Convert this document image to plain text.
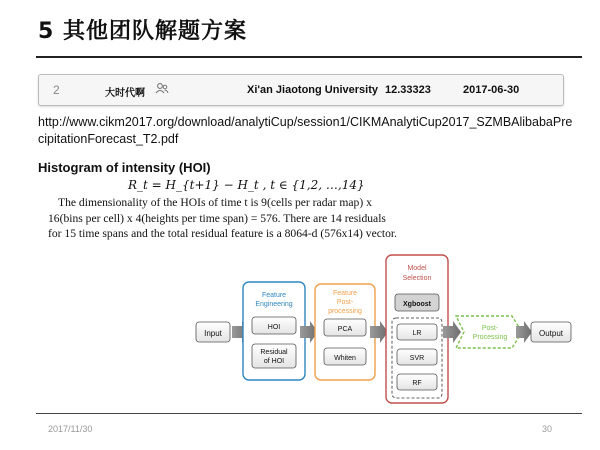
5 其他团队解题方案
2	大时代啊	Xi'an Jiaotong University 12.33323	2017-06-30
http://www.cikm2017.org/download/analytiCup/session1/CIKMAnalytiCup2017_SZMBAlibabaPrecipitationForecast_T2.pdf
Histogram of intensity (HOI)
R_t = H_{t+1} − H_t , t ∈ {1,2, …,14}
The dimensionality of the HOIs of time t is 9(cells per radar map) x 16(bins per cell) x 4(heights per time span) = 576. There are 14 residuals for 15 time spans and the total residual feature is a 8064-d (576x14) vector.
Input
Feature
Engineering
HOI
Residual
of HOI
Feature
Post-
processing
PCA
Whiten
Model
Selection
Xgboost
LR
SVR
RF
Post-
Processing	Output
2017/11/30	30
